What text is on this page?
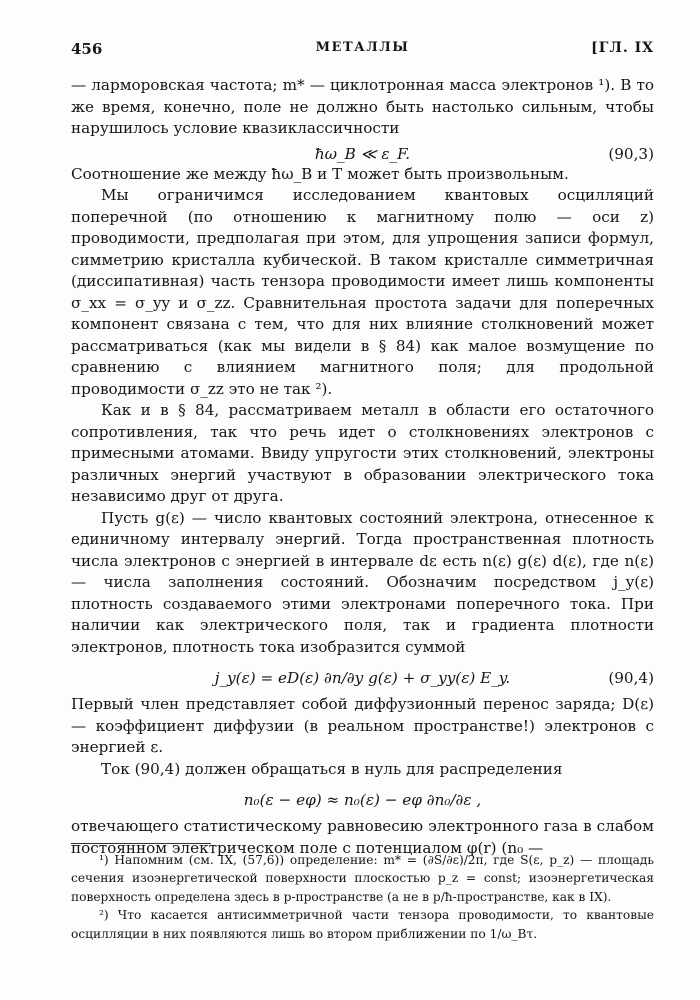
456	МЕТАЛЛЫ	[ГЛ. IX

— ларморовская частота; m* — циклотронная масса электронов ¹). В то же время, конечно, поле не должно быть настолько сильным, чтобы нарушилось условие квазиклассичности

ħω_B ≪ ε_F.	(90,3)

Соотношение же между ħω_B и T может быть произвольным.

Мы ограничимся исследованием квантовых осцилляций поперечной (по отношению к магнитному полю — оси z) проводимости, предполагая при этом, для упрощения записи формул, симметрию кристалла кубической. В таком кристалле симметричная (диссипативная) часть тензора проводимости имеет лишь компоненты σ_xx = σ_yy и σ_zz. Сравнительная простота задачи для поперечных компонент связана с тем, что для них влияние столкновений может рассматриваться (как мы видели в § 84) как малое возмущение по сравнению с влиянием магнитного поля; для продольной проводимости σ_zz это не так ²).

Как и в § 84, рассматриваем металл в области его остаточного сопротивления, так что речь идет о столкновениях электронов с примесными атомами. Ввиду упругости этих столкновений, электроны различных энергий участвуют в образовании электрического тока независимо друг от друга.

Пусть g(ε) — число квантовых состояний электрона, отнесенное к единичному интервалу энергий. Тогда пространственная плотность числа электронов с энергией в интервале dε есть n(ε) g(ε) d(ε), где n(ε) — числа заполнения состояний. Обозначим посредством j_y(ε) плотность создаваемого этими электронами поперечного тока. При наличии как электрического поля, так и градиента плотности электронов, плотность тока изобразится суммой

j_y(ε) = eD(ε) ∂n/∂y g(ε) + σ_yy(ε) E_y.	(90,4)

Первый член представляет собой диффузионный перенос заряда; D(ε) — коэффициент диффузии (в реальном пространстве!) электронов с энергией ε.

Ток (90,4) должен обращаться в нуль для распределения

n₀(ε − eφ) ≈ n₀(ε) − eφ ∂n₀/∂ε ,

отвечающего статистическому равновесию электронного газа в слабом постоянном электрическом поле с потенциалом φ(r) (n₀ —

¹) Напомним (см. IX, (57,6)) определение: m* = (∂S/∂ε)/2π, где S(ε, p_z) — площадь сечения изоэнергетической поверхности плоскостью p_z = const; изоэнергетическая поверхность определена здесь в p-пространстве (а не в p/ħ-пространстве, как в IX).

²) Что касается антисимметричной части тензора проводимости, то квантовые осцилляции в них появляются лишь во втором приближении по 1/ω_Bτ.
